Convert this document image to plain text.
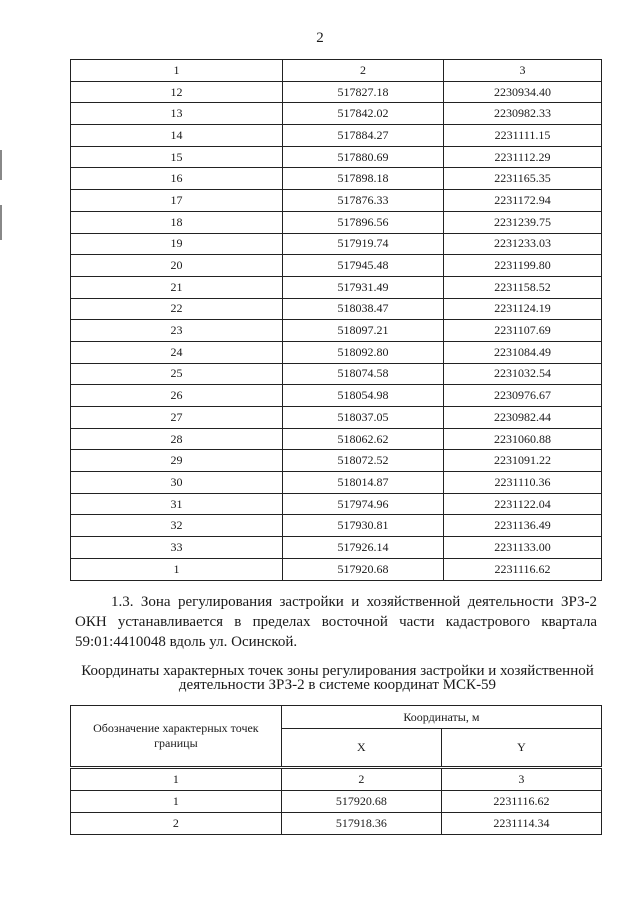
2
1	2	3
12	517827.18	2230934.40
13	517842.02	2230982.33
14	517884.27	2231111.15
15	517880.69	2231112.29
16	517898.18	2231165.35
17	517876.33	2231172.94
18	517896.56	2231239.75
19	517919.74	2231233.03
20	517945.48	2231199.80
21	517931.49	2231158.52
22	518038.47	2231124.19
23	518097.21	2231107.69
24	518092.80	2231084.49
25	518074.58	2231032.54
26	518054.98	2230976.67
27	518037.05	2230982.44
28	518062.62	2231060.88
29	518072.52	2231091.22
30	518014.87	2231110.36
31	517974.96	2231122.04
32	517930.81	2231136.49
33	517926.14	2231133.00
1	517920.68	2231116.62

1.3. Зона регулирования застройки и хозяйственной деятельности ЗРЗ-2 ОКН устанавливается в пределах восточной части кадастрового квартала 59:01:4410048 вдоль ул. Осинской.

Координаты характерных точек зоны регулирования застройки и хозяйственной
деятельности ЗРЗ-2 в системе координат МСК-59
Обозначение характерных точек границы	Координаты, м	
	X	Y
1	2	3
1	517920.68	2231116.62
2	517918.36	2231114.34
